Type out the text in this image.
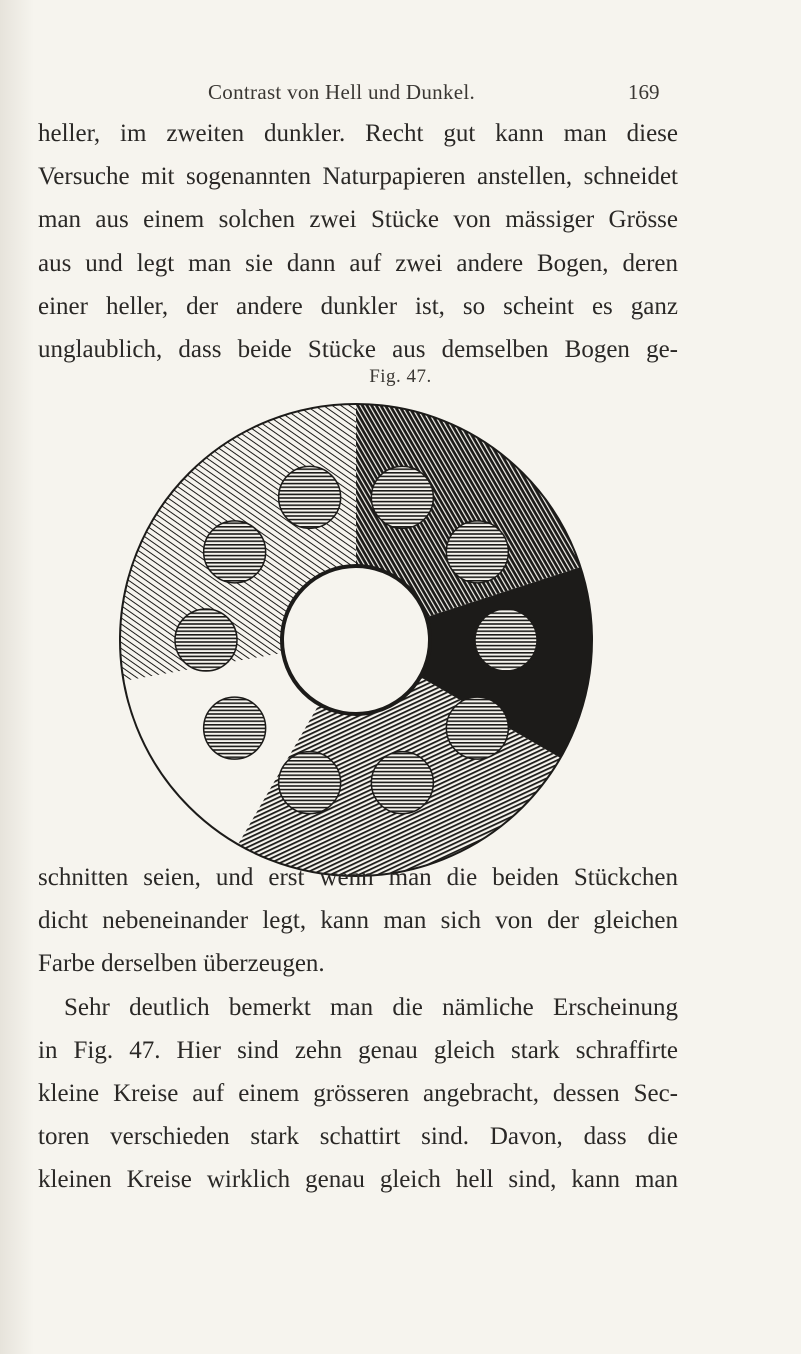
Contrast von Hell und Dunkel.	169
heller, im zweiten dunkler. Recht gut kann man diese
Versuche mit sogenannten Naturpapieren anstellen, schneidet
man aus einem solchen zwei Stücke von mässiger Grösse
aus und legt man sie dann auf zwei andere Bogen, deren
einer heller, der andere dunkler ist, so scheint es ganz
unglaublich, dass beide Stücke aus demselben Bogen ge-
Fig. 47.
schnitten seien, und erst wenn man die beiden Stückchen
dicht nebeneinander legt, kann man sich von der gleichen
Farbe derselben überzeugen.
Sehr deutlich bemerkt man die nämliche Erscheinung
in Fig. 47. Hier sind zehn genau gleich stark schraffirte
kleine Kreise auf einem grösseren angebracht, dessen Sec-
toren verschieden stark schattirt sind. Davon, dass die
kleinen Kreise wirklich genau gleich hell sind, kann man
